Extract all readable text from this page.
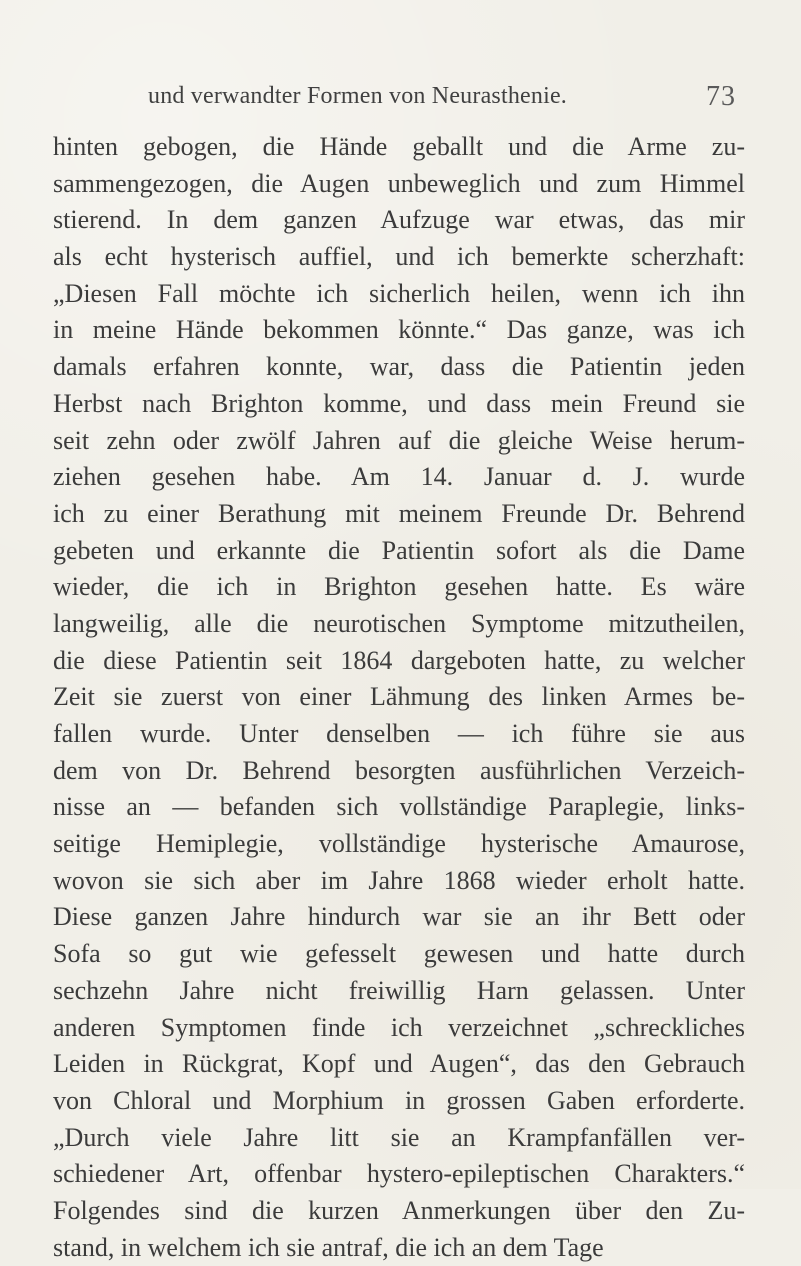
und verwandter Formen von Neurasthenie.	73
hinten gebogen, die Hände geballt und die Arme zu-
sammengezogen, die Augen unbeweglich und zum Himmel
stierend. In dem ganzen Aufzuge war etwas, das mir
als echt hysterisch auffiel, und ich bemerkte scherzhaft:
„Diesen Fall möchte ich sicherlich heilen, wenn ich ihn
in meine Hände bekommen könnte.“ Das ganze, was ich
damals erfahren konnte, war, dass die Patientin jeden
Herbst nach Brighton komme, und dass mein Freund sie
seit zehn oder zwölf Jahren auf die gleiche Weise herum-
ziehen gesehen habe. Am 14. Januar d. J. wurde
ich zu einer Berathung mit meinem Freunde Dr. Behrend
gebeten und erkannte die Patientin sofort als die Dame
wieder, die ich in Brighton gesehen hatte. Es wäre
langweilig, alle die neurotischen Symptome mitzutheilen,
die diese Patientin seit 1864 dargeboten hatte, zu welcher
Zeit sie zuerst von einer Lähmung des linken Armes be-
fallen wurde. Unter denselben — ich führe sie aus
dem von Dr. Behrend besorgten ausführlichen Verzeich-
nisse an — befanden sich vollständige Paraplegie, links-
seitige Hemiplegie, vollständige hysterische Amaurose,
wovon sie sich aber im Jahre 1868 wieder erholt hatte.
Diese ganzen Jahre hindurch war sie an ihr Bett oder
Sofa so gut wie gefesselt gewesen und hatte durch
sechzehn Jahre nicht freiwillig Harn gelassen. Unter
anderen Symptomen finde ich verzeichnet „schreckliches
Leiden in Rückgrat, Kopf und Augen“, das den Gebrauch
von Chloral und Morphium in grossen Gaben erforderte.
„Durch viele Jahre litt sie an Krampfanfällen ver-
schiedener Art, offenbar hystero-epileptischen Charakters.“
Folgendes sind die kurzen Anmerkungen über den Zu-
stand, in welchem ich sie antraf, die ich an dem Tage
